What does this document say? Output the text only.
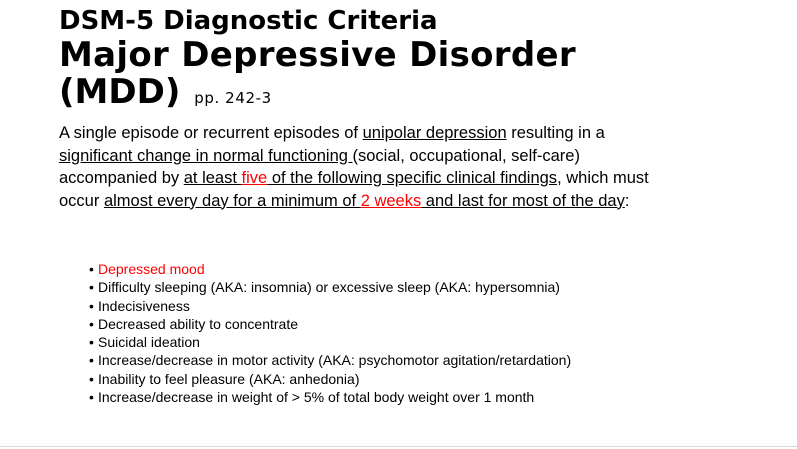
DSM-5 Diagnostic Criteria

Major Depressive Disorder

(MDD) pp. 242-3

A single episode or recurrent episodes of unipolar depression resulting in a significant change in normal functioning (social, occupational, self-care) accompanied by at least five of the following specific clinical findings, which must occur almost every day for a minimum of 2 weeks and last for most of the day:

• Depressed mood
• Difficulty sleeping (AKA: insomnia) or excessive sleep (AKA: hypersomnia)
• Indecisiveness
• Decreased ability to concentrate
• Suicidal ideation
• Increase/decrease in motor activity (AKA: psychomotor agitation/retardation)
• Inability to feel pleasure (AKA: anhedonia)
• Increase/decrease in weight of > 5% of total body weight over 1 month
